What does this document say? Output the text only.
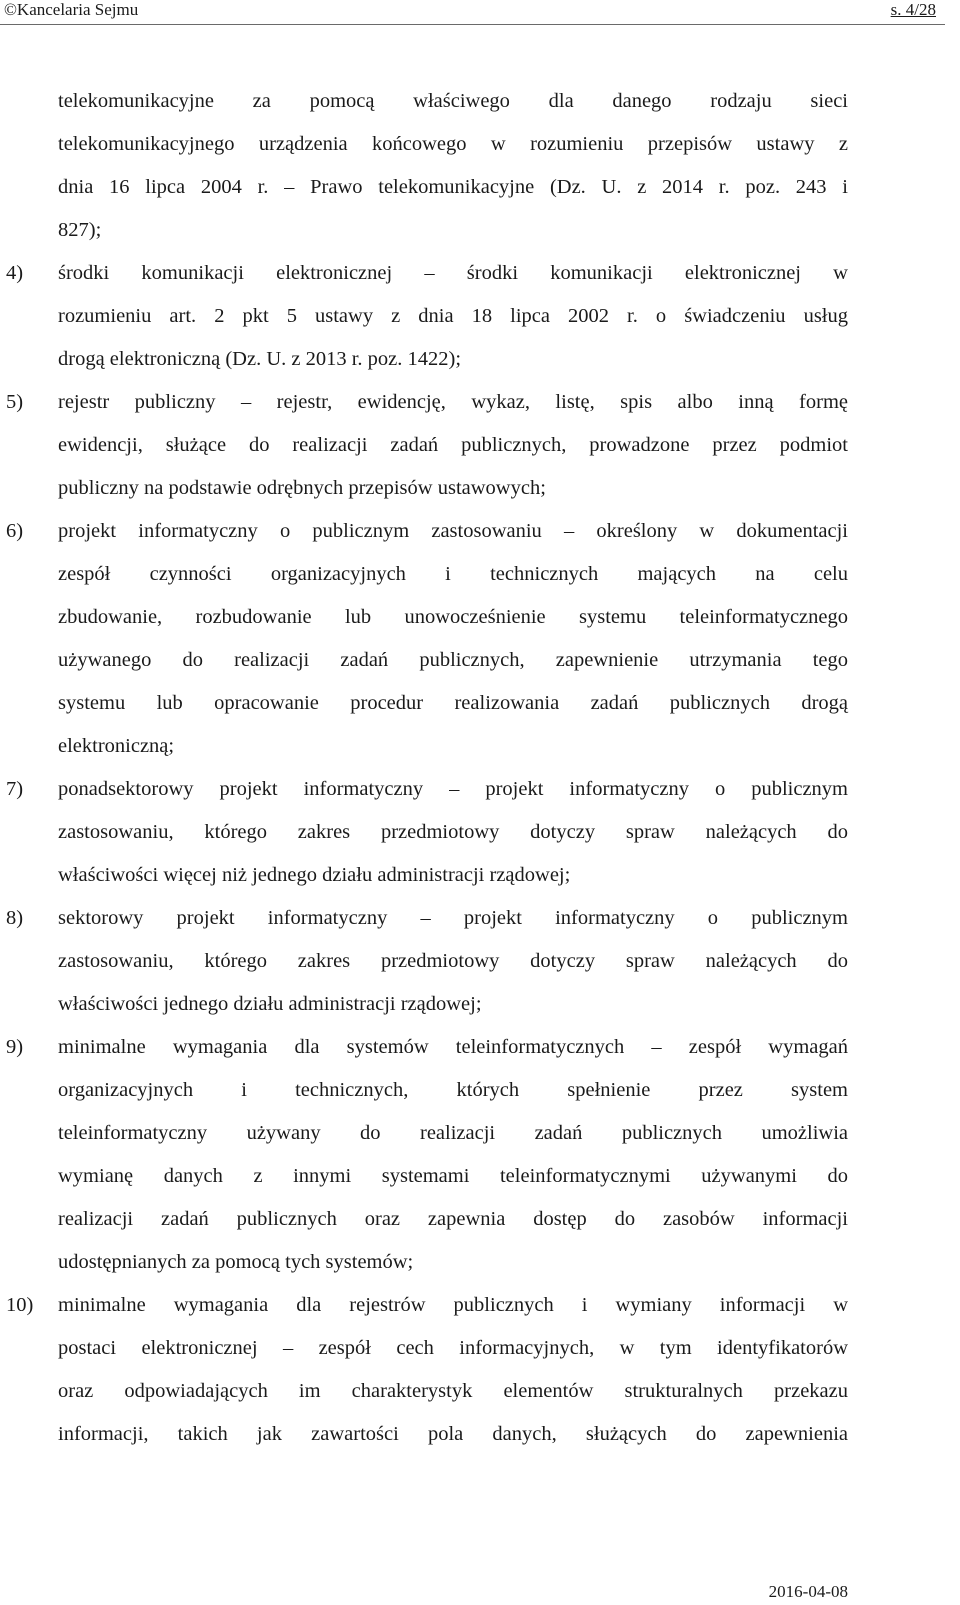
©Kancelaria Sejmu	s. 4/28
telekomunikacyjne za pomocą właściwego dla danego rodzaju sieci
telekomunikacyjnego urządzenia końcowego w rozumieniu przepisów ustawy z
dnia 16 lipca 2004 r. – Prawo telekomunikacyjne (Dz. U. z 2014 r. poz. 243 i
827);
4) środki komunikacji elektronicznej – środki komunikacji elektronicznej w
rozumieniu art. 2 pkt 5 ustawy z dnia 18 lipca 2002 r. o świadczeniu usług
drogą elektroniczną (Dz. U. z 2013 r. poz. 1422);
5) rejestr publiczny – rejestr, ewidencję, wykaz, listę, spis albo inną formę
ewidencji, służące do realizacji zadań publicznych, prowadzone przez podmiot
publiczny na podstawie odrębnych przepisów ustawowych;
6) projekt informatyczny o publicznym zastosowaniu – określony w dokumentacji
zespół czynności organizacyjnych i technicznych mających na celu
zbudowanie, rozbudowanie lub unowocześnienie systemu teleinformatycznego
używanego do realizacji zadań publicznych, zapewnienie utrzymania tego
systemu lub opracowanie procedur realizowania zadań publicznych drogą
elektroniczną;
7) ponadsektorowy projekt informatyczny – projekt informatyczny o publicznym
zastosowaniu, którego zakres przedmiotowy dotyczy spraw należących do
właściwości więcej niż jednego działu administracji rządowej;
8) sektorowy projekt informatyczny – projekt informatyczny o publicznym
zastosowaniu, którego zakres przedmiotowy dotyczy spraw należących do
właściwości jednego działu administracji rządowej;
9) minimalne wymagania dla systemów teleinformatycznych – zespół wymagań
organizacyjnych i technicznych, których spełnienie przez system
teleinformatyczny używany do realizacji zadań publicznych umożliwia
wymianę danych z innymi systemami teleinformatycznymi używanymi do
realizacji zadań publicznych oraz zapewnia dostęp do zasobów informacji
udostępnianych za pomocą tych systemów;
10) minimalne wymagania dla rejestrów publicznych i wymiany informacji w
postaci elektronicznej – zespół cech informacyjnych, w tym identyfikatorów
oraz odpowiadających im charakterystyk elementów strukturalnych przekazu
informacji, takich jak zawartości pola danych, służących do zapewnienia
2016-04-08
